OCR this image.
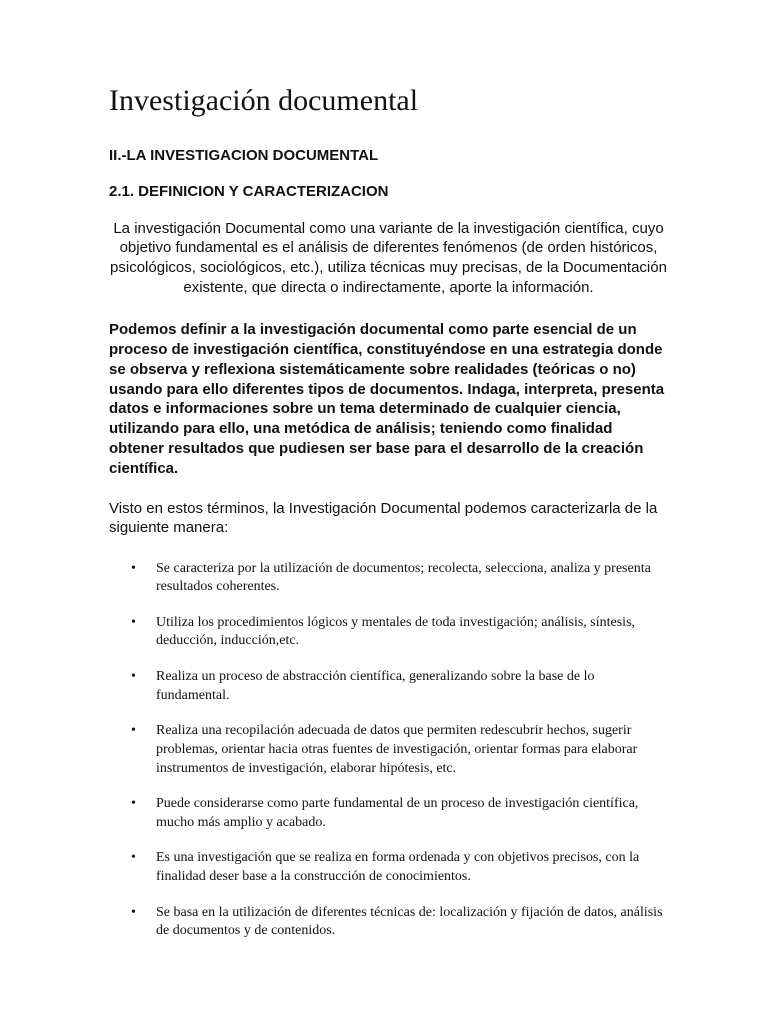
Investigación documental
II.-LA INVESTIGACION DOCUMENTAL
2.1. DEFINICION Y CARACTERIZACION

La investigación Documental como una variante de la investigación científica, cuyo objetivo fundamental es el análisis de diferentes fenómenos (de orden históricos, psicológicos, sociológicos, etc.), utiliza técnicas muy precisas, de la Documentación existente, que directa o indirectamente, aporte la información.

Podemos definir a la investigación documental como parte esencial de un proceso de investigación científica, constituyéndose en una estrategia donde se observa y reflexiona sistemáticamente sobre realidades (teóricas o no) usando para ello diferentes tipos de documentos. Indaga, interpreta, presenta datos e informaciones sobre un tema determinado de cualquier ciencia, utilizando para ello, una metódica de análisis; teniendo como finalidad obtener resultados que pudiesen ser base para el desarrollo de la creación científica.

Visto en estos términos, la Investigación Documental podemos caracterizarla de la siguiente manera:

• Se caracteriza por la utilización de documentos; recolecta, selecciona, analiza y presenta resultados coherentes.
• Utiliza los procedimientos lógicos y mentales de toda investigación; análisis, síntesis, deducción, inducción,etc.
• Realiza un proceso de abstracción científica, generalizando sobre la base de lo fundamental.
• Realiza una recopilación adecuada de datos que permiten redescubrir hechos, sugerir problemas, orientar hacia otras fuentes de investigación, orientar formas para elaborar instrumentos de investigación, elaborar hipótesis, etc.
• Puede considerarse como parte fundamental de un proceso de investigación científica, mucho más amplio y acabado.
• Es una investigación que se realiza en forma ordenada y con objetivos precisos, con la finalidad deser base a la construcción de conocimientos.
• Se basa en la utilización de diferentes técnicas de: localización y fijación de datos, análisis de documentos y de contenidos.
